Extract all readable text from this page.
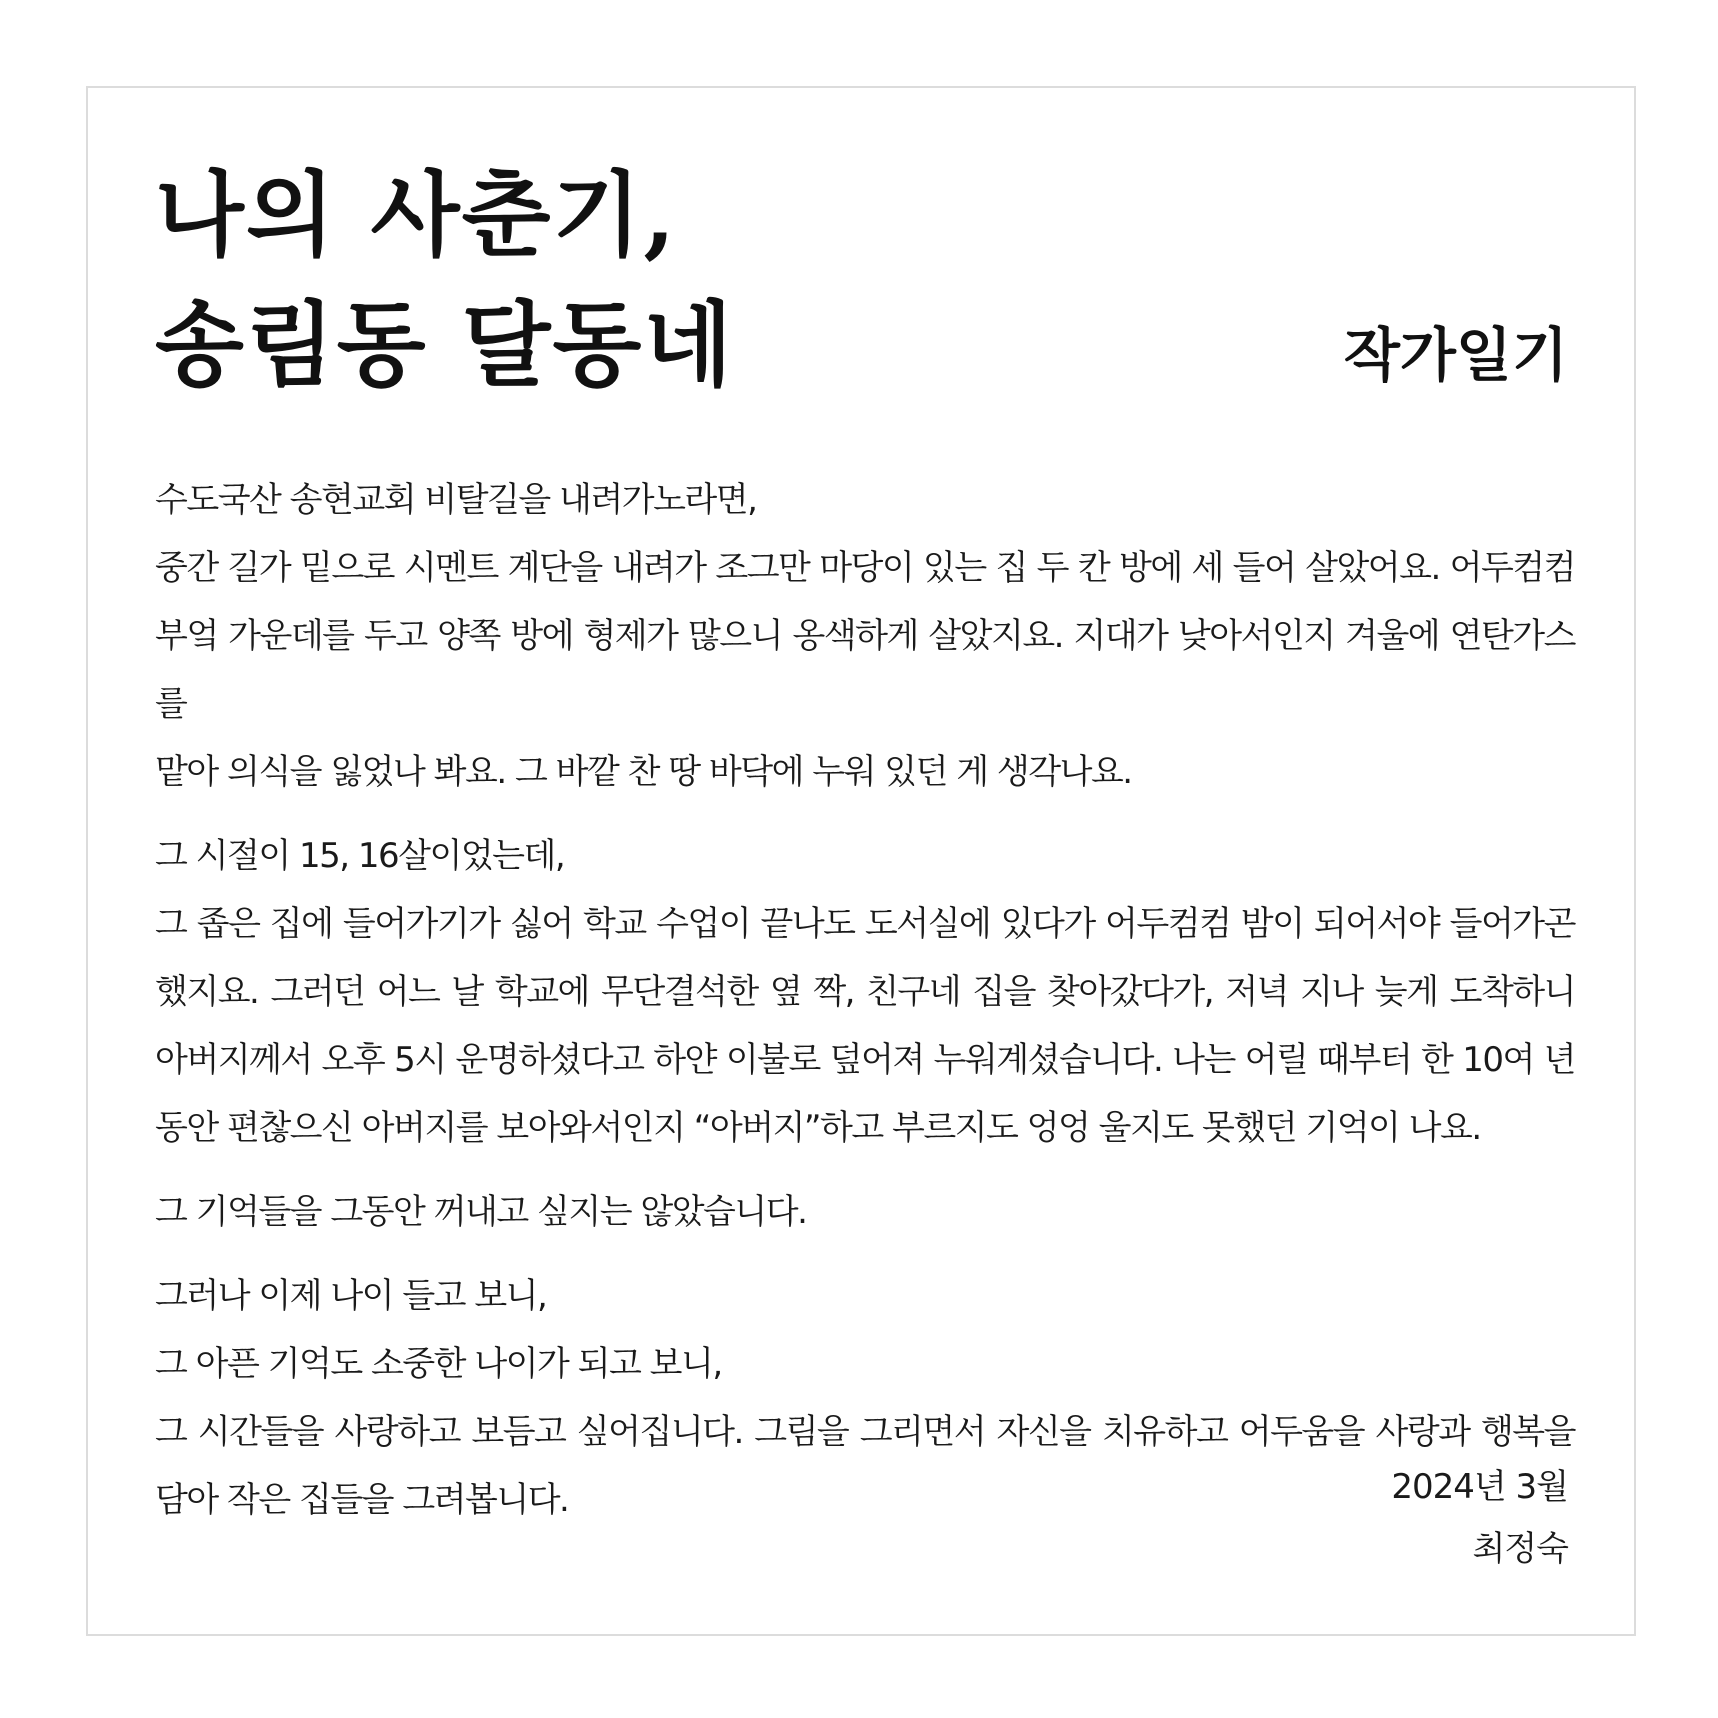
나의 사춘기,
송림동 달동네	작가일기

수도국산 송현교회 비탈길을 내려가노라면,
중간 길가 밑으로 시멘트 계단을 내려가 조그만 마당이 있는 집 두 칸 방에 세 들어 살았어요. 어두컴컴
부엌 가운데를 두고 양쪽 방에 형제가 많으니 옹색하게 살았지요. 지대가 낮아서인지 겨울에 연탄가스를
맡아 의식을 잃었나 봐요. 그 바깥 찬 땅 바닥에 누워 있던 게 생각나요.

그 시절이 15, 16살이었는데,
그 좁은 집에 들어가기가 싫어 학교 수업이 끝나도 도서실에 있다가 어두컴컴 밤이 되어서야 들어가곤
했지요. 그러던 어느 날 학교에 무단결석한 옆 짝, 친구네 집을 찾아갔다가, 저녁 지나 늦게 도착하니
아버지께서 오후 5시 운명하셨다고 하얀 이불로 덮어져 누워계셨습니다. 나는 어릴 때부터 한 10여 년
동안 편찮으신 아버지를 보아와서인지 “아버지”하고 부르지도 엉엉 울지도 못했던 기억이 나요.

그 기억들을 그동안 꺼내고 싶지는 않았습니다.

그러나 이제 나이 들고 보니,
그 아픈 기억도 소중한 나이가 되고 보니,
그 시간들을 사랑하고 보듬고 싶어집니다. 그림을 그리면서 자신을 치유하고 어두움을 사랑과 행복을
담아 작은 집들을 그려봅니다.	2024년 3월
최정숙
